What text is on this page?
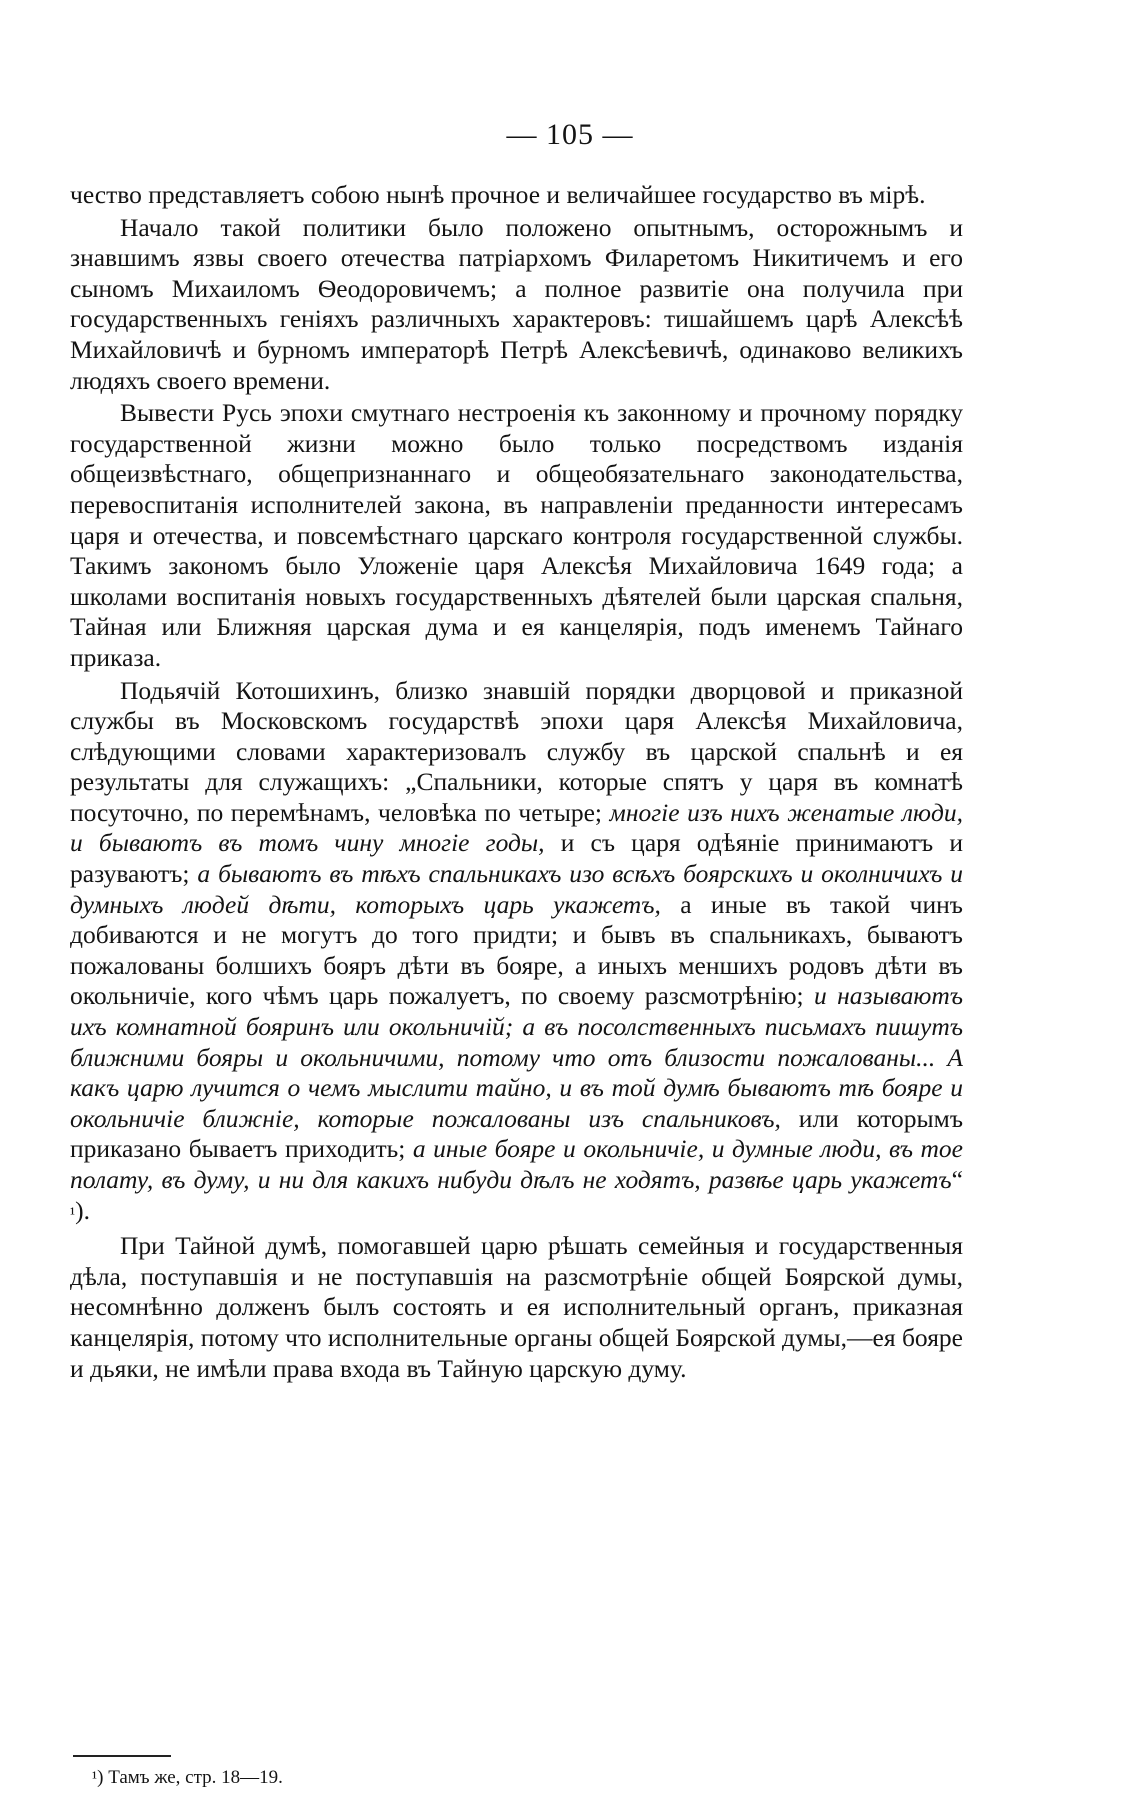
— 105 —

чество представляетъ собою нынѣ прочное и величайшее государство въ мірѣ.

Начало такой политики было положено опытнымъ, осторожнымъ и знавшимъ язвы своего отечества патріархомъ Филаретомъ Никитичемъ и его сыномъ Михаиломъ Ѳеодоровичемъ; а полное развитіе она получила при государственныхъ геніяхъ различныхъ характеровъ: тишайшемъ царѣ Алексѣѣ Михайловичѣ и бурномъ императорѣ Петрѣ Алексѣевичѣ, одинаково великихъ людяхъ своего времени.

Вывести Русь эпохи смутнаго нестроенія къ законному и прочному порядку государственной жизни можно было только посредствомъ изданія общеизвѣстнаго, общепризнаннаго и общеобязательнаго законодательства, перевоспитанія исполнителей закона, въ направленіи преданности интересамъ царя и отечества, и повсемѣстнаго царскаго контроля государственной службы. Такимъ закономъ было Уложеніе царя Алексѣя Михайловича 1649 года; а школами воспитанія новыхъ государственныхъ дѣятелей были царская спальня, Тайная или Ближняя царская дума и ея канцелярія, подъ именемъ Тайнаго приказа.

Подьячій Котошихинъ, близко знавшій порядки дворцовой и приказной службы въ Московскомъ государствѣ эпохи царя Алексѣя Михайловича, слѣдующими словами характеризовалъ службу въ царской спальнѣ и ея результаты для служащихъ: „Спальники, которые спятъ у царя въ комнатѣ посуточно, по перемѣнамъ, человѣка по четыре; многіе изъ нихъ женатые люди, и бываютъ въ томъ чину многіе годы, и съ царя одѣяніе принимаютъ и разуваютъ; а бываютъ въ тѣхъ спальникахъ изо всѣхъ боярскихъ и околничихъ и думныхъ людей дѣти, которыхъ царь укажетъ, а иные въ такой чинъ добиваются и не могутъ до того придти; и бывъ въ спальникахъ, бываютъ пожалованы болшихъ бояръ дѣти въ бояре, а иныхъ меншихъ родовъ дѣти въ окольничіе, кого чѣмъ царь пожалуетъ, по своему разсмотрѣнію; и называютъ ихъ комнатной бояринъ или окольничій; а въ посолственныхъ письмахъ пишутъ ближними бояры и окольничими, потому что отъ близости пожалованы... А какъ царю лучится о чемъ мыслити тайно, и въ той думѣ бываютъ тѣ бояре и окольничіе ближніе, которые пожалованы изъ спальниковъ, или которымъ приказано бываетъ приходить; а иные бояре и окольничіе, и думные люди, въ тое полату, въ думу, и ни для какихъ нибуди дѣлъ не ходятъ, развѣе царь укажетъ“ ¹).

При Тайной думѣ, помогавшей царю рѣшать семейныя и государственныя дѣла, поступавшія и не поступавшія на разсмотрѣніе общей Боярской думы, несомнѣнно долженъ былъ состоять и ея исполнительный органъ, приказная канцелярія, потому что исполнительные органы общей Боярской думы,—ея бояре и дьяки, не имѣли права входа въ Тайную царскую думу.

¹) Тамъ же, стр. 18—19.
